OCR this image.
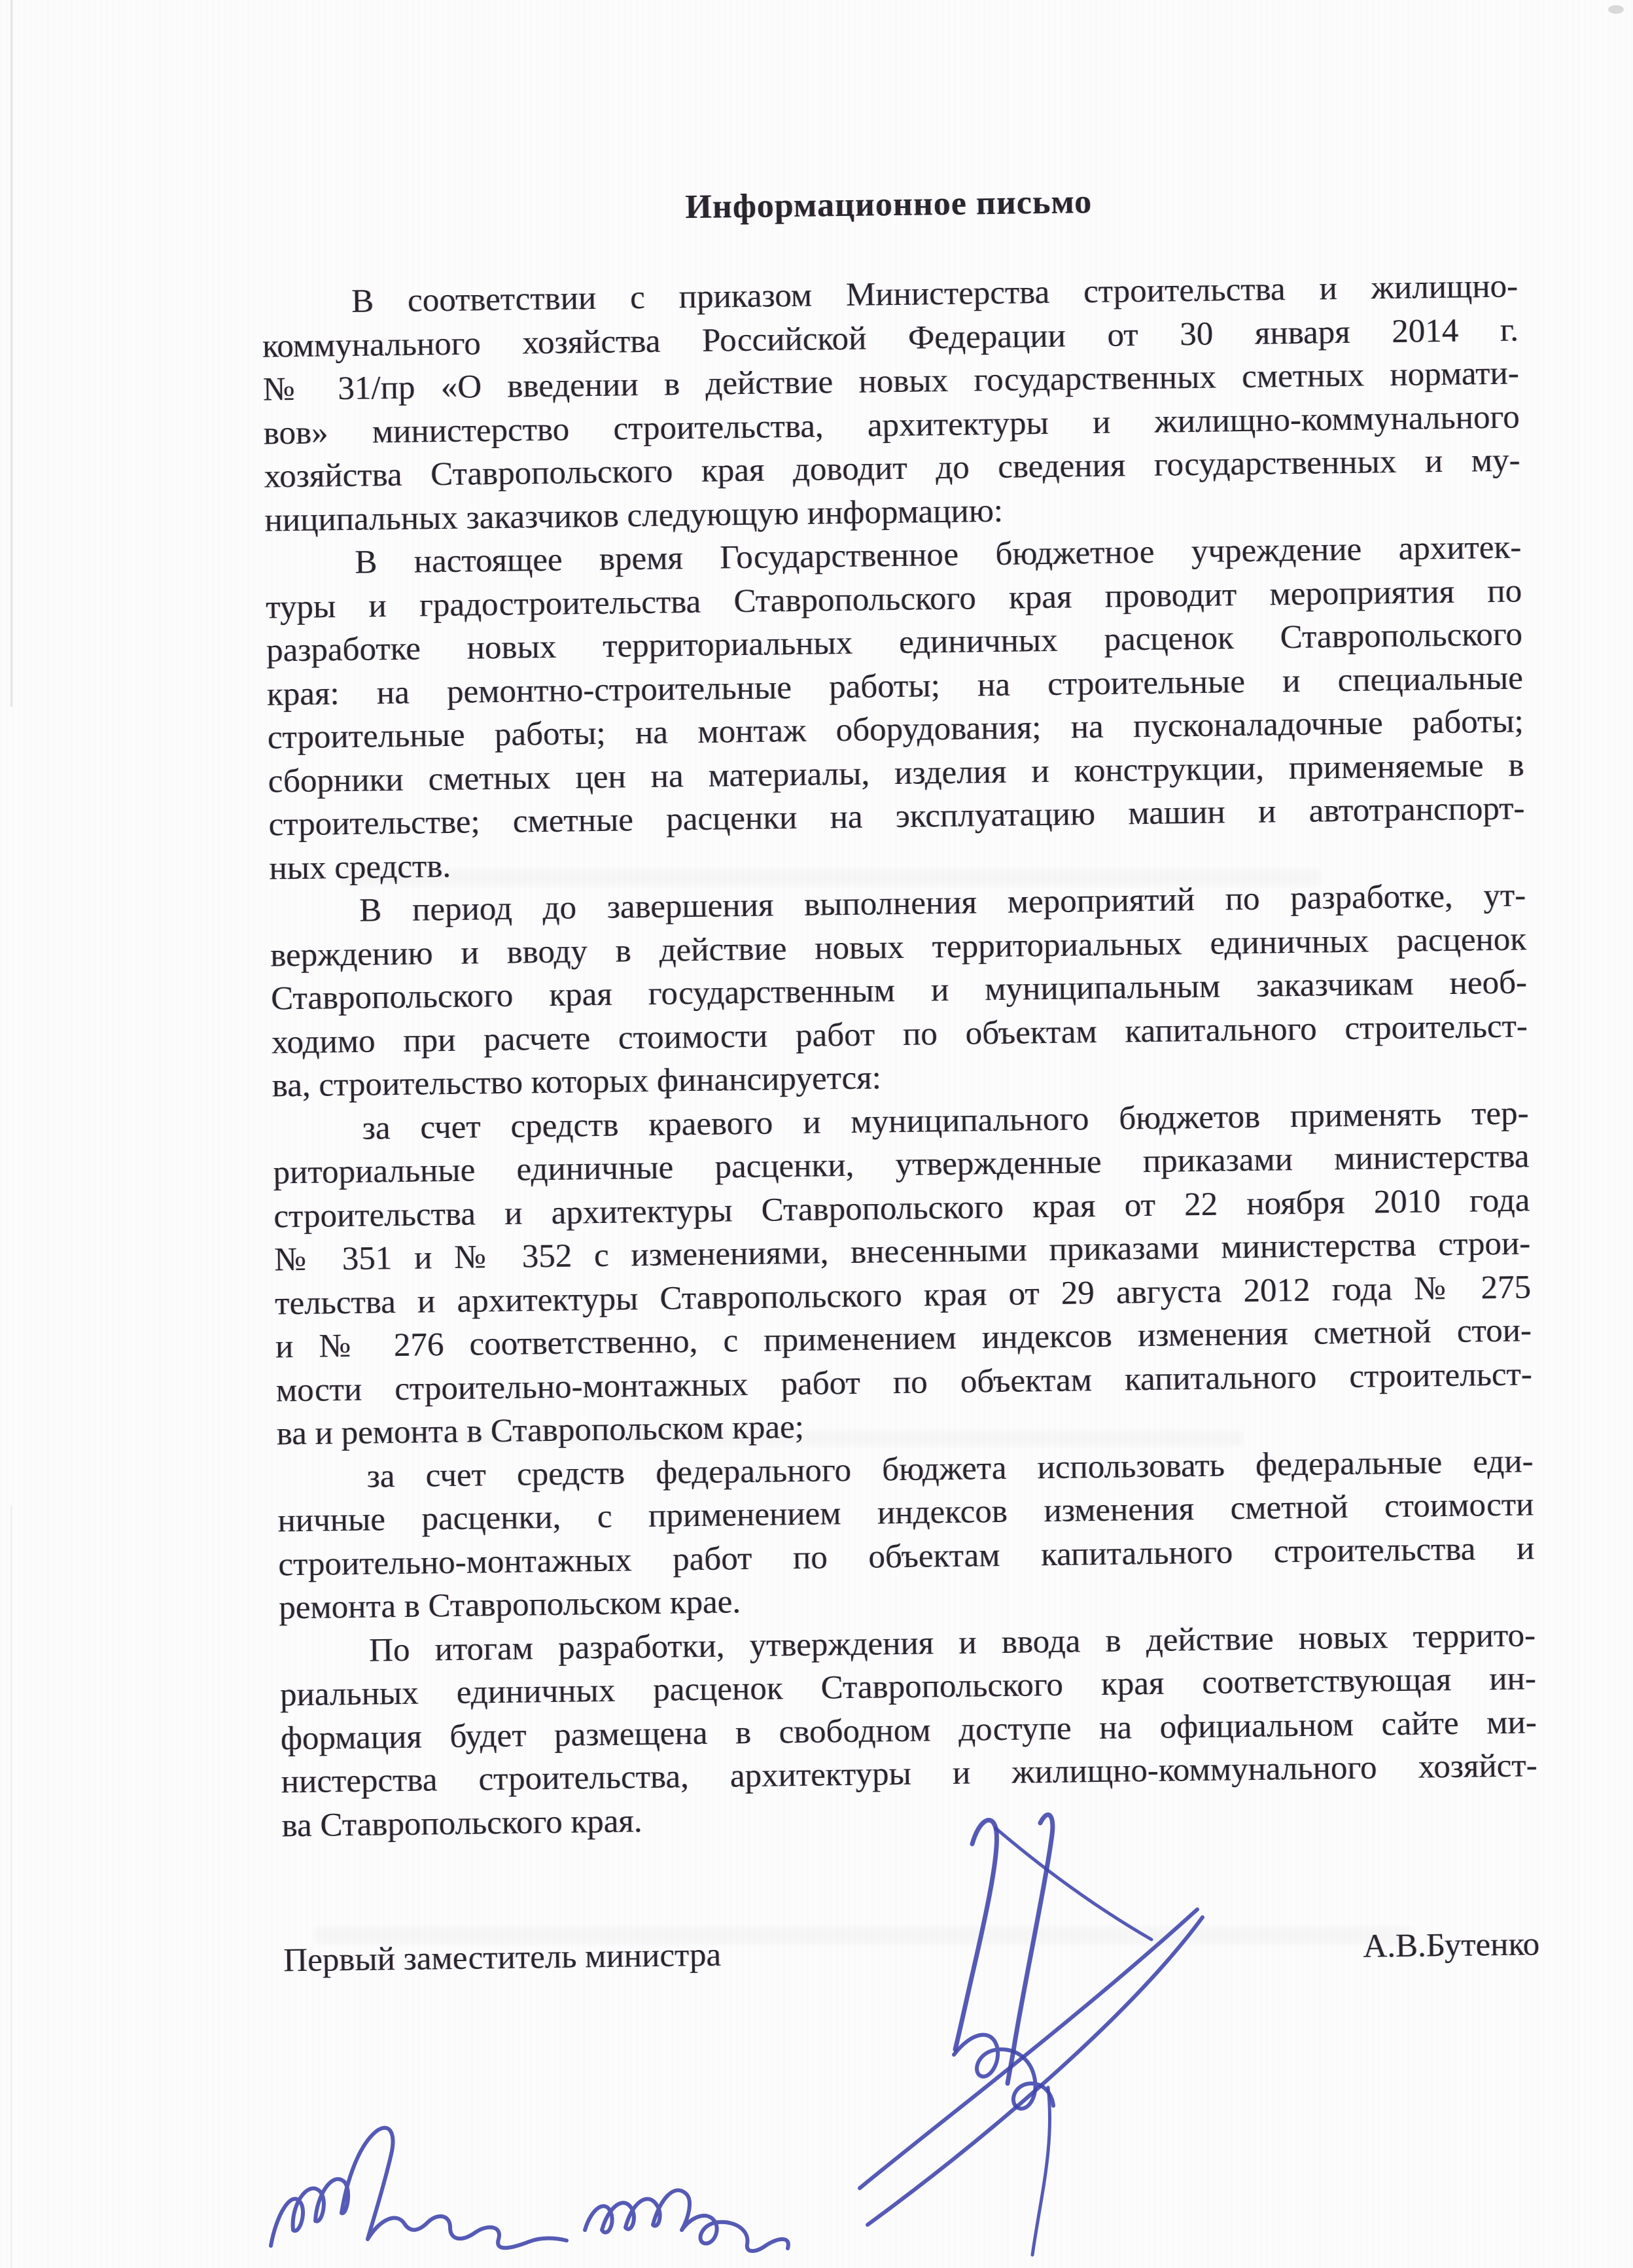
Информационное письмо
В соответствии с приказом Министерства строительства и жилищно-
коммунального хозяйства Российской Федерации от 30 января 2014 г.
№ 31/пр «О введении в действие новых государственных сметных нормати-
вов» министерство строительства, архитектуры и жилищно-коммунального
хозяйства Ставропольского края доводит до сведения государственных и му-
ниципальных заказчиков следующую информацию:
В настоящее время Государственное бюджетное учреждение архитек-
туры и градостроительства Ставропольского края проводит мероприятия по
разработке новых территориальных единичных расценок Ставропольского
края: на ремонтно-строительные работы; на строительные и специальные
строительные работы; на монтаж оборудования; на пусконаладочные работы;
сборники сметных цен на материалы, изделия и конструкции, применяемые в
строительстве; сметные расценки на эксплуатацию машин и автотранспорт-
ных средств.
В период до завершения выполнения мероприятий по разработке, ут-
верждению и вводу в действие новых территориальных единичных расценок
Ставропольского края государственным и муниципальным заказчикам необ-
ходимо при расчете стоимости работ по объектам капитального строительст-
ва, строительство которых финансируется:
за счет средств краевого и муниципального бюджетов применять тер-
риториальные единичные расценки, утвержденные приказами министерства
строительства и архитектуры Ставропольского края от 22 ноября 2010 года
№ 351 и № 352 с изменениями, внесенными приказами министерства строи-
тельства и архитектуры Ставропольского края от 29 августа 2012 года № 275
и № 276 соответственно, с применением индексов изменения сметной стои-
мости строительно-монтажных работ по объектам капитального строительст-
ва и ремонта в Ставропольском крае;
за счет средств федерального бюджета использовать федеральные еди-
ничные расценки, с применением индексов изменения сметной стоимости
строительно-монтажных работ по объектам капитального строительства и
ремонта в Ставропольском крае.
По итогам разработки, утверждения и ввода в действие новых террито-
риальных единичных расценок Ставропольского края соответствующая ин-
формация будет размещена в свободном доступе на официальном сайте ми-
нистерства строительства, архитектуры и жилищно-коммунального хозяйст-
ва Ставропольского края.
Первый заместитель министра	А.В.Бутенко
